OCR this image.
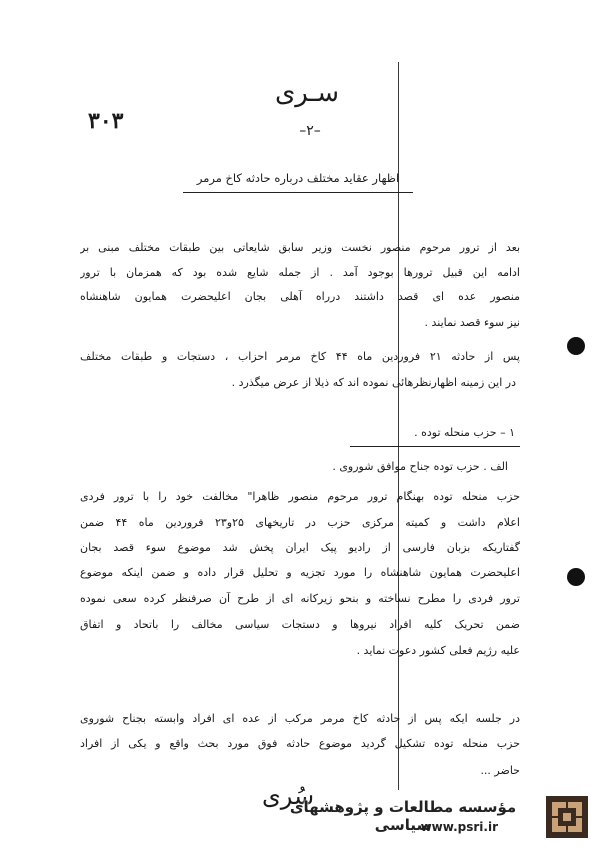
سـری
۳۰۳	–۲–
اظهار عقاید مختلف درباره حادثه کاخ مرمر
بعد از ترور مرحوم منصور نخست وزیر سابق شایعاتی بین طبقات مختلف مبنی بر
ادامه این قبیل ترورها بوجود آمد . از جمله شایع شده بود که همزمان با ترور
منصور عده ای قصد داشتند درراه آهلی بجان اعلیحضرت همایون شاهنشاه
نیز سوء قصد نمایند .
پس از حادثه ۲۱ فروردین ماه ۴۴ کاخ مرمر احزاب ، دستجات و طبقات مختلف
در این زمینه اظهارنظرهائی نموده اند که ذیلا از عرض میگذرد .
۱ – حزب منحله توده .
الف . حزب توده جناح موافق شوروی .
حزب منحله توده بهنگام ترور مرحوم منصور ظاهرا" مخالفت خود را با ترور فردی
اعلام داشت و کمیته مرکزی حزب در تاریخهای ۲۵و۲۳ فروردین ماه ۴۴ ضمن
گفتاریکه بزبان فارسی از رادیو پیک ایران پخش شد موضوع سوء قصد بجان
اعلیحضرت همایون شاهنشاه را مورد تجزیه و تحلیل قرار داده و ضمن اینکه موضوع
ترور فردی را مطرح نساخته و بنحو زیرکانه ای از طرح آن صرفنظر کرده سعی نموده
ضمن تحریک کلیه افراد نیروها و دستجات سیاسی مخالف را باتحاد و اتفاق
علیه رژیم فعلی کشور دعوت نماید .
در جلسه ایکه پس از حادثه کاخ مرمر مرکب از عده ای افراد وابسته بجناح شوروی
حزب منحله توده تشکیل گردید موضوع حادثه فوق مورد بحث واقع و یکی از افراد
حاضر ...
سُری
مؤسسه مطالعات و پژوهشهای سیاسی
www.psri.ir
